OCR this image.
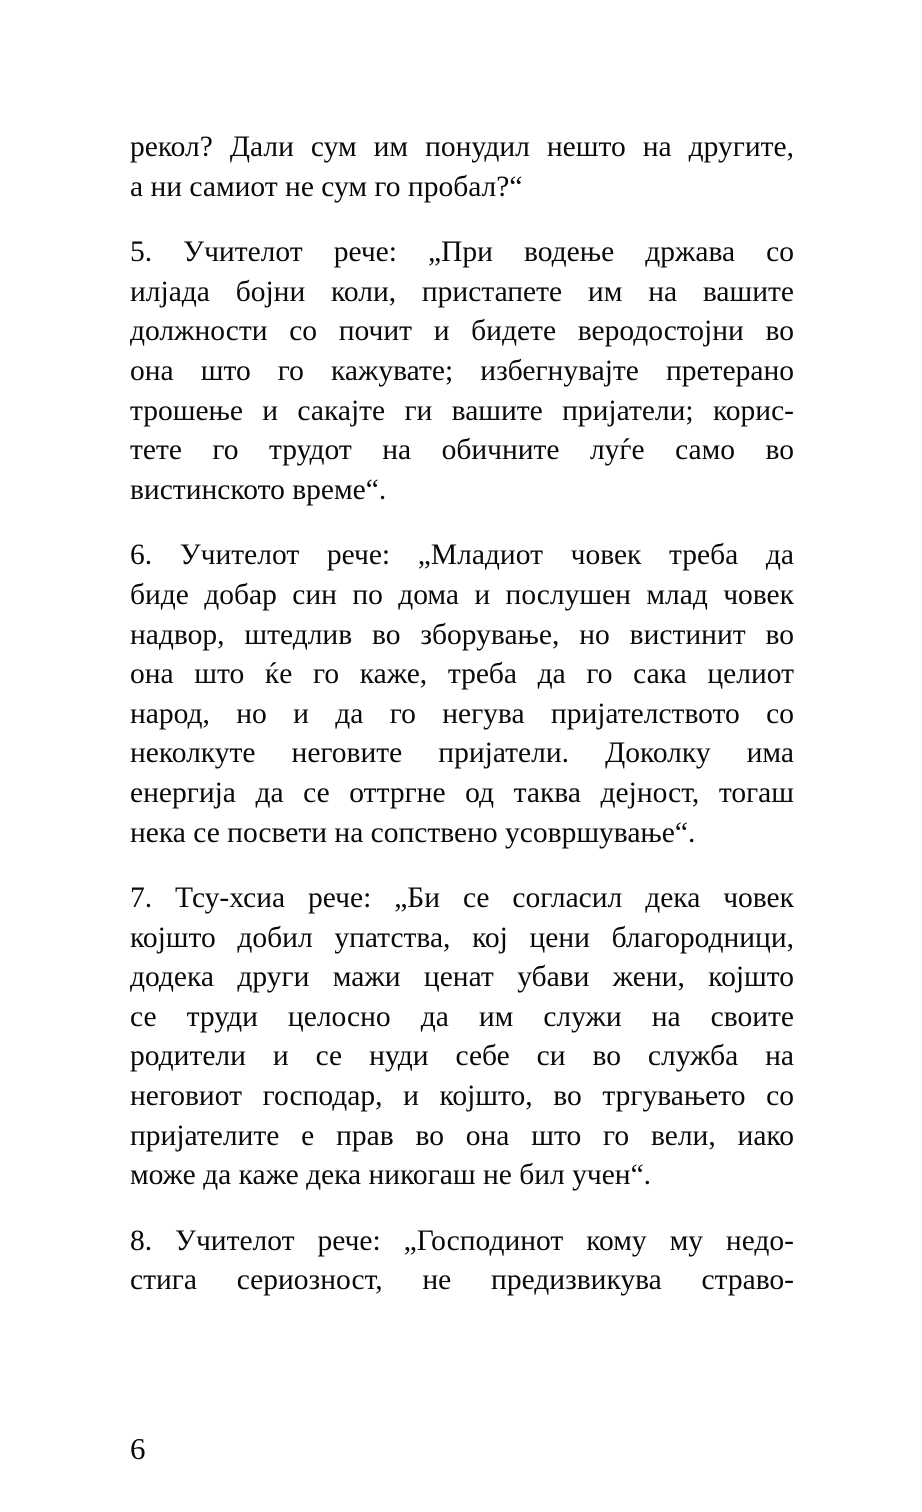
рекол? Дали сум им понудил нешто на другите,
а ни самиот не сум го пробал?“

5. Учителот рече: „При водење држава со
илјада бојни коли, пристапете им на вашите
должности со почит и бидете веродостојни во
она што го кажувате; избегнувајте претерано
трошење и сакајте ги вашите пријатели; корис-
тете го трудот на обичните луѓе само во
вистинското време“.

6. Учителот рече: „Младиот човек треба да
биде добар син по дома и послушен млад човек
надвор, штедлив во зборување, но вистинит во
она што ќе го каже, треба да го сака целиот
народ, но и да го негува пријателството со
неколкуте неговите пријатели. Доколку има
енергија да се оттргне од таква дејност, тогаш
нека се посвети на сопствено усовршување“.

7. Тсу-хсиа рече: „Би се согласил дека човек
којшто добил упатства, кој цени благородници,
додека други мажи ценат убави жени, којшто
се труди целосно да им служи на своите
родители и се нуди себе си во служба на
неговиот господар, и којшто, во тргувањето со
пријателите е прав во она што го вели, иако
може да каже дека никогаш не бил учен“.

8. Учителот рече: „Господинот кому му недо-
стига сериозност, не предизвикува страво-

6
